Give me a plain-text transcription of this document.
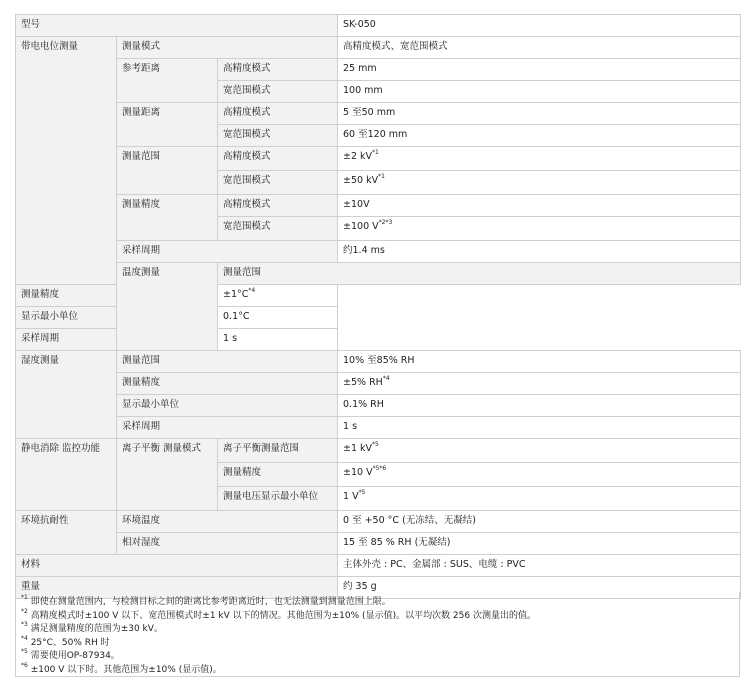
型号			SK-050	
带电电位测量	测量模式		高精度模式、宽范围模式	
	参考距离	高精度模式	25 mm	
		宽范围模式	100 mm	
	测量距离	高精度模式	5 至50 mm	
		宽范围模式	60 至120 mm	
	测量范围	高精度模式	±2 $kV^{*1}$
		宽范围模式	±50 $kV^{*1}$
	测量精度	高精度模式	±10V	
		宽范围模式	±100 $V^{*2*3}$
	采样周期		约1.4 ms	
	温度测量	测量范围	
测量精度		$\pm 1^\circ C^{*4}$
显示最小单位		0.1°C		
采样周期		1 s		
湿度测量	测量范围		10% 至85% RH	
	测量精度		±5% RH$^{*4}$
	显示最小单位		0.1% RH	
	采样周期		1 s	
静电消除 监控功能	离子平衡 测量模式	离子平衡测量范围	±1 $kV^{*5}$
		测量精度	±10 $V^{*5*6}$
		测量电压显示最小单位	1 $V^{*5}$
环境抗耐性	环境温度		0 至 +50 °C (无冻结、无凝结)	
	相对湿度		15 至 85 % RH (无凝结)	
材料			主体外壳 : PC、金属部 : SUS、电缆 : PVC	
重量			约 35 g	
$^{*1}$ 即使在测量范围内，与检测目标之间的距离比参考距离近时，也无法测量到测量范围上限。
$^{*2}$ 高精度模式时±100 V 以下、宽范围模式时±1 kV 以下的情况。其他范围为±10% (显示值)。以平均次数 256 次测量出的值。
$^{*3}$ 满足测量精度的范围为±30 kV。
$^{*4}$ 25°C、50% RH 时
$^{*5}$ 需要使用OP-87934。
$^{*6}$ ±100 V 以下时。其他范围为±10% (显示值)。
